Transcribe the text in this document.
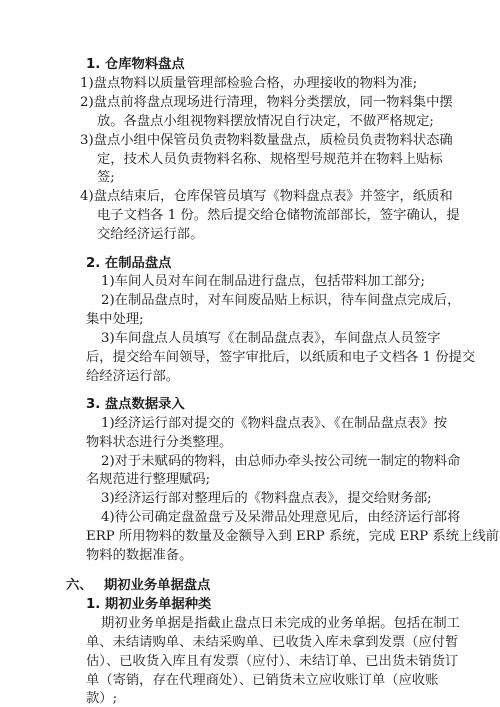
1. 仓库物料盘点
1)盘点物料以质量管理部检验合格，办理接收的物料为准;
2)盘点前将盘点现场进行清理，物料分类摆放，同一物料集中摆
放。各盘点小组视物料摆放情况自行决定，不做严格规定;
3)盘点小组中保管员负责物料数量盘点，质检员负责物料状态确
定，技术人员负责物料名称、规格型号规范并在物料上贴标
签;
4)盘点结束后，仓库保管员填写《物料盘点表》并签字，纸质和
电子文档各 1 份。然后提交给仓储物流部部长，签字确认，提
交给经济运行部。
2. 在制品盘点
1)车间人员对车间在制品进行盘点，包括带料加工部分;
2)在制品盘点时，对车间废品贴上标识，待车间盘点完成后，
集中处理;
3)车间盘点人员填写《在制品盘点表》，车间盘点人员签字
后，提交给车间领导，签字审批后，以纸质和电子文档各 1 份提交
给经济运行部。
3. 盘点数据录入
1)经济运行部对提交的《物料盘点表》、《在制品盘点表》按
物料状态进行分类整理。
2)对于未赋码的物料，由总师办牵头按公司统一制定的物料命
名规范进行整理赋码;
3)经济运行部对整理后的《物料盘点表》，提交给财务部;
4)待公司确定盘盈盘亏及呆滞品处理意见后，由经济运行部将
ERP 所用物料的数量及金额导入到 ERP 系统，完成 ERP 系统上线前
物料的数据准备。
六、 期初业务单据盘点
1. 期初业务单据种类
期初业务单据是指截止盘点日未完成的业务单据。包括在制工
单、未结请购单、未结采购单、已收货入库未拿到发票（应付暂
估）、已收货入库且有发票（应付）、未结订单、已出货未销货订
单（寄销，存在代理商处）、已销货未立应收账订单（应收账
款）;
